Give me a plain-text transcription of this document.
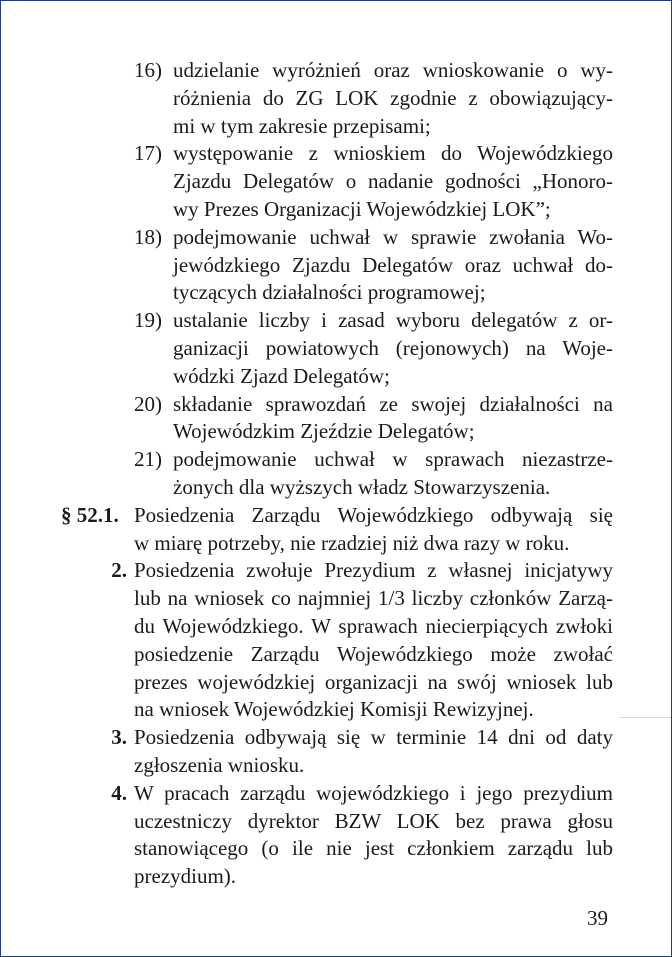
16) udzielanie wyróżnień oraz wnioskowanie o wy-
różnienia do ZG LOK zgodnie z obowiązujący-
mi w tym zakresie przepisami;
17) występowanie z wnioskiem do Wojewódzkiego
Zjazdu Delegatów o nadanie godności „Honoro-
wy Prezes Organizacji Wojewódzkiej LOK”;
18) podejmowanie uchwał w sprawie zwołania Wo-
jewódzkiego Zjazdu Delegatów oraz uchwał do-
tyczących działalności programowej;
19) ustalanie liczby i zasad wyboru delegatów z or-
ganizacji powiatowych (rejonowych) na Woje-
wódzki Zjazd Delegatów;
20) składanie sprawozdań ze swojej działalności na
Wojewódzkim Zjeździe Delegatów;
21) podejmowanie uchwał w sprawach niezastrze-
żonych dla wyższych władz Stowarzyszenia.
§ 52.1. Posiedzenia Zarządu Wojewódzkiego odbywają się
w miarę potrzeby, nie rzadziej niż dwa razy w roku.
2. Posiedzenia zwołuje Prezydium z własnej inicjatywy
lub na wniosek co najmniej 1/3 liczby członków Zarzą-
du Wojewódzkiego. W sprawach niecierpiących zwłoki
posiedzenie Zarządu Wojewódzkiego może zwołać
prezes wojewódzkiej organizacji na swój wniosek lub
na wniosek Wojewódzkiej Komisji Rewizyjnej.
3. Posiedzenia odbywają się w terminie 14 dni od daty
zgłoszenia wniosku.
4. W pracach zarządu wojewódzkiego i jego prezydium
uczestniczy dyrektor BZW LOK bez prawa głosu
stanowiącego (o ile nie jest członkiem zarządu lub
prezydium).
39
